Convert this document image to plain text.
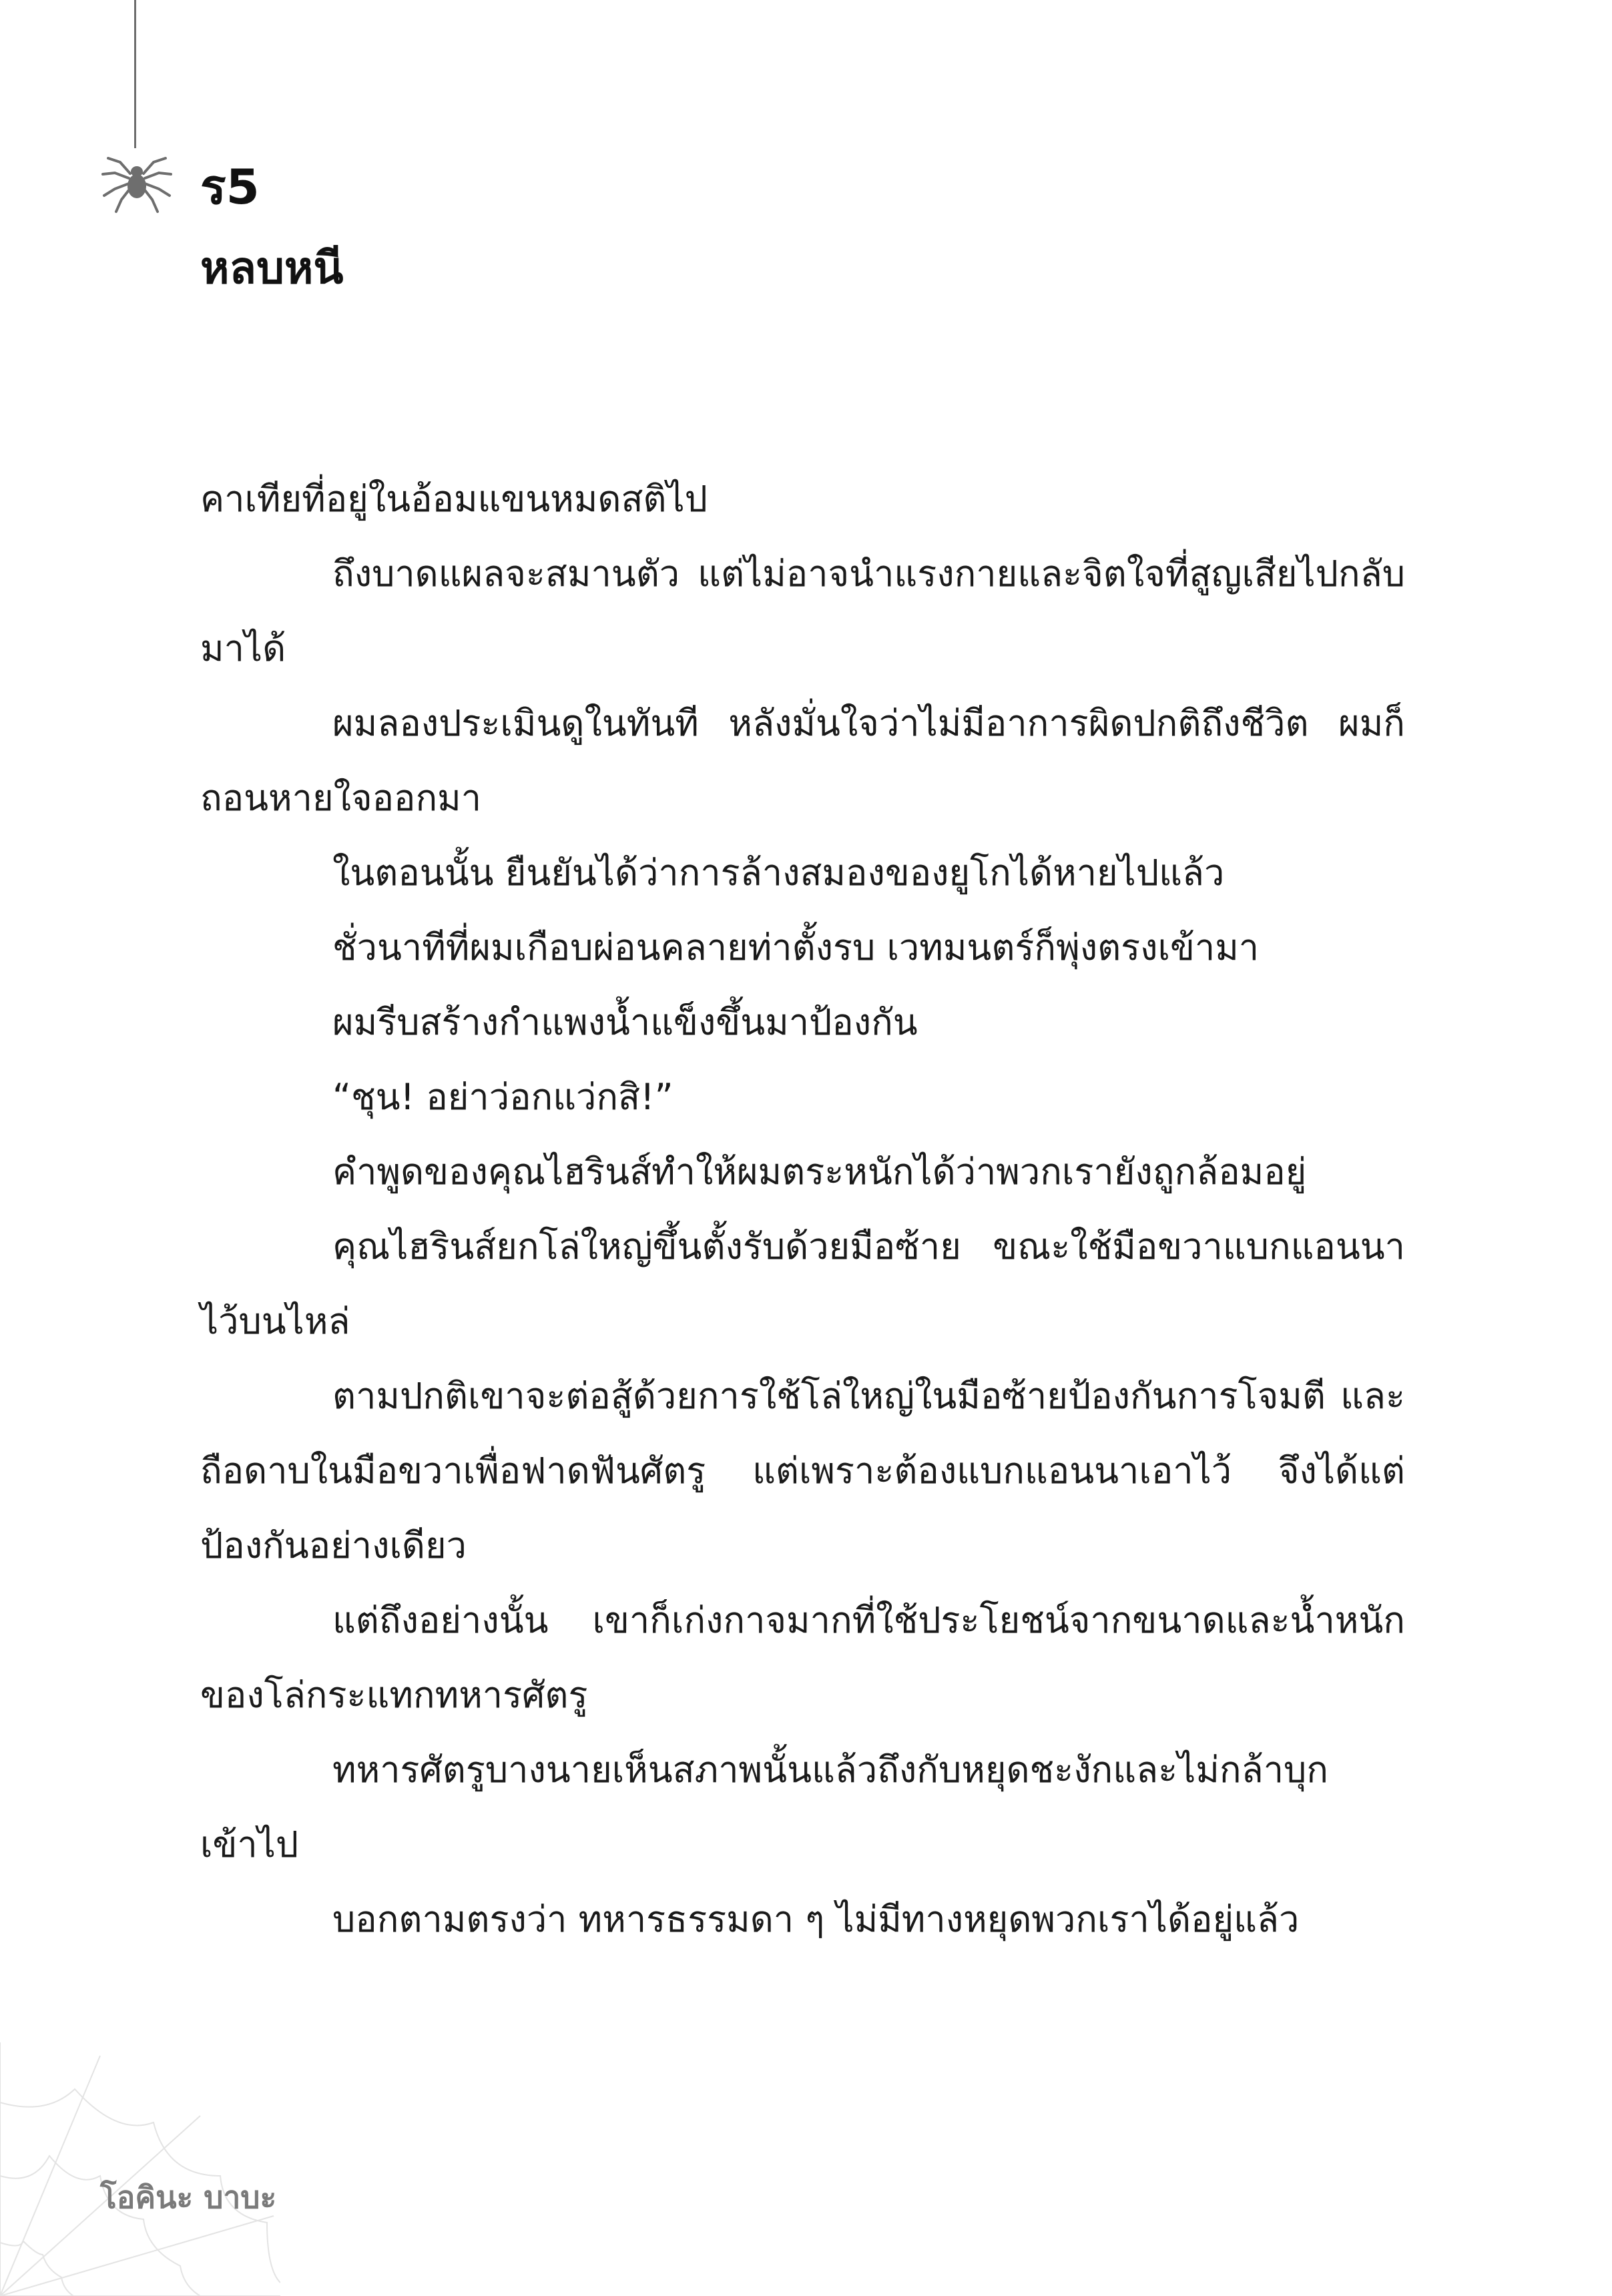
ร5
หลบหนี

คาเทียที่อยู่ในอ้อมแขนหมดสติไป

ถึงบาดแผลจะสมานตัว แต่ไม่อาจนำแรงกายและจิตใจที่สูญเสียไปกลับมาได้

ผมลองประเมินดูในทันที หลังมั่นใจว่าไม่มีอาการผิดปกติถึงชีวิต ผมก็ถอนหายใจออกมา

ในตอนนั้น ยืนยันได้ว่าการล้างสมองของยูโกได้หายไปแล้ว

ชั่วนาทีที่ผมเกือบผ่อนคลายท่าตั้งรบ เวทมนตร์ก็พุ่งตรงเข้ามา

ผมรีบสร้างกำแพงน้ำแข็งขึ้นมาป้องกัน

“ชุน! อย่าว่อกแว่กสิ!”

คำพูดของคุณไฮรินส์ทำให้ผมตระหนักได้ว่าพวกเรายังถูกล้อมอยู่

คุณไฮรินส์ยกโล่ใหญ่ขึ้นตั้งรับด้วยมือซ้าย ขณะใช้มือขวาแบกแอนนาไว้บนไหล่

ตามปกติเขาจะต่อสู้ด้วยการใช้โล่ใหญ่ในมือซ้ายป้องกันการโจมตี และถือดาบในมือขวาเพื่อฟาดฟันศัตรู แต่เพราะต้องแบกแอนนาเอาไว้ จึงได้แต่ป้องกันอย่างเดียว

แต่ถึงอย่างนั้น เขาก็เก่งกาจมากที่ใช้ประโยชน์จากขนาดและน้ำหนักของโล่กระแทกทหารศัตรู

ทหารศัตรูบางนายเห็นสภาพนั้นแล้วถึงกับหยุดชะงักและไม่กล้าบุกเข้าไป

บอกตามตรงว่า ทหารธรรมดา ๆ ไม่มีทางหยุดพวกเราได้อยู่แล้ว

โอคินะ บาบะ
